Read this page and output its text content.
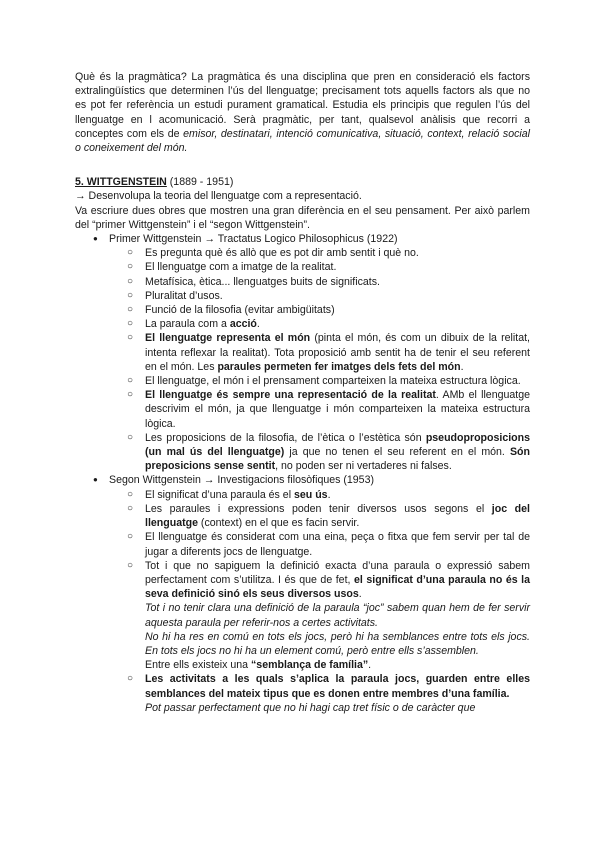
Què és la pragmàtica? La pragmàtica és una disciplina que pren en consideració els factors extralingüístics que determinen l’ús del llenguatge; precisament tots aquells factors als que no es pot fer referència un estudi purament gramatical. Estudia els principis que regulen l’ús del llenguatge en l acomunicació. Serà pragmàtic, per tant, qualsevol anàlisis que recorri a conceptes com els de emisor, destinatari, intenció comunicativa, situació, context, relació social o coneixement del món.

5. WITTGENSTEIN (1889 - 1951)

→ Desenvolupa la teoria del llenguatge com a representació.

Va escriure dues obres que mostren una gran diferència en el seu pensament. Per això parlem del “primer Wittgenstein” i el “segon Wittgenstein”.

● Primer Wittgenstein → Tractatus Logico Philosophicus (1922)
○ Es pregunta què és allò que es pot dir amb sentit i què no.
○ El llenguatge com a imatge de la realitat.
○ Metafísica, ètica... llenguatges buits de significats.
○ Pluralitat d’usos.
○ Funció de la filosofia (evitar ambigüitats)
○ La paraula com a acció.
○ El llenguatge representa el món (pinta el món, és com un dibuix de la relitat, intenta reflexar la realitat). Tota proposició amb sentit ha de tenir el seu referent en el món. Les paraules permeten fer imatges dels fets del món.
○ El llenguatge, el món i el prensament comparteixen la mateixa estructura lògica.
○ El llenguatge és sempre una representació de la realitat. AMb el llenguatge descrivim el món, ja que llenguatge i món comparteixen la mateixa estructura lògica.
○ Les proposicions de la filosofia, de l’ètica o l’estètica són pseudoproposicions (un mal ús del llenguatge) ja que no tenen el seu referent en el món. Són preposicions sense sentit, no poden ser ni vertaderes ni falses.
● Segon Wittgenstein → Investigacions filosòfiques (1953)
○ El significat d’una paraula és el seu ús.
○ Les paraules i expressions poden tenir diversos usos segons el joc del llenguatge (context) en el que es facin servir.
○ El llenguatge és considerat com una eina, peça o fitxa que fem servir per tal de jugar a diferents jocs de llenguatge.
○ Tot i que no sapiguem la definició exacta d’una paraula o expressió sabem perfectament com s’utilitza. I és que de fet, el significat d’una paraula no és la seva definició sinó els seus diversos usos.
Tot i no tenir clara una definició de la paraula “joc” sabem quan hem de fer servir aquesta paraula per referir-nos a certes activitats.
No hi ha res en comú en tots els jocs, però hi ha semblances entre tots els jocs. En tots els jocs no hi ha un element comú, però entre ells s’assemblen.
Entre ells existeix una “semblança de família”.
○ Les activitats a les quals s’aplica la paraula jocs, guarden entre elles semblances del mateix tipus que es donen entre membres d’una família.
Pot passar perfectament que no hi hagi cap tret físic o de caràcter que
